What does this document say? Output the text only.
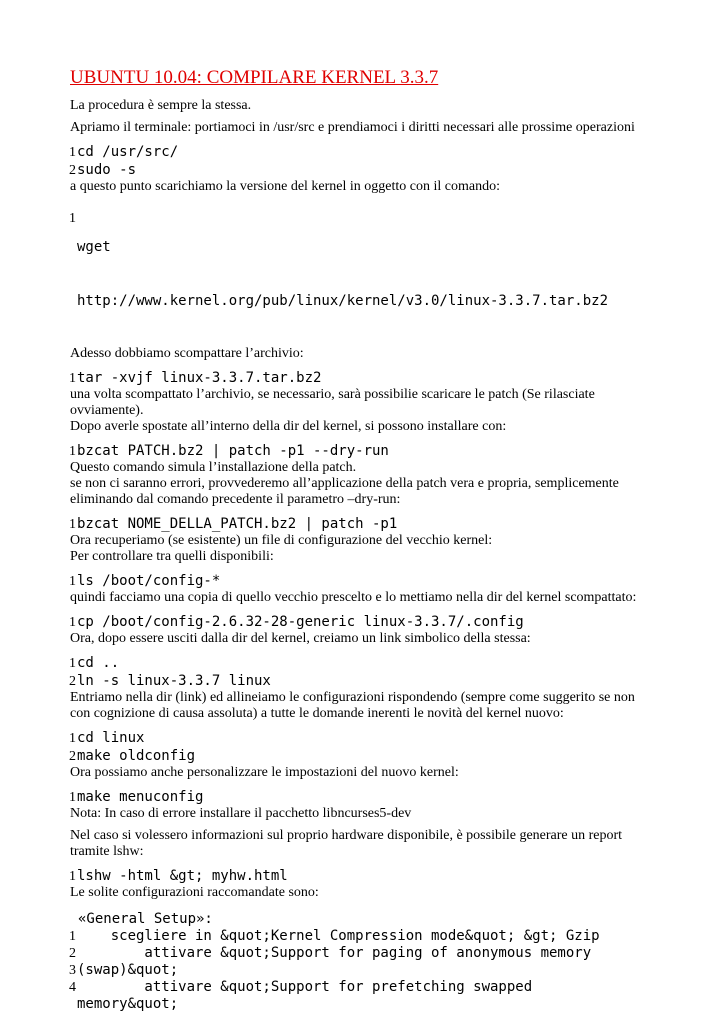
UBUNTU 10.04: COMPILARE KERNEL 3.3.7

La procedura è sempre la stessa.

Apriamo il terminale: portiamoci in /usr/src e prendiamoci i diritti necessari alle prossime operazioni

1 cd /usr/src/
2 sudo -s

a questo punto scarichiamo la versione del kernel in oggetto con il comando:

1

wget

http://www.kernel.org/pub/linux/kernel/v3.0/linux-3.3.7.tar.bz2

Adesso dobbiamo scompattare l’archivio:

1 tar -xvjf linux-3.3.7.tar.bz2

una volta scompattato l’archivio, se necessario, sarà possibilie scaricare le patch (Se rilasciate ovviamente).

Dopo averle spostate all’interno della dir del kernel, si possono installare con:

1 bzcat PATCH.bz2 | patch -p1 --dry-run

Questo comando simula l’installazione della patch.

se non ci saranno errori, provvederemo all’applicazione della patch vera e propria, semplicemente eliminando dal comando precedente il parametro –dry-run:

1 bzcat NOME_DELLA_PATCH.bz2 | patch -p1

Ora recuperiamo (se esistente) un file di configurazione del vecchio kernel:

Per controllare tra quelli disponibili:

1 ls /boot/config-*

quindi facciamo una copia di quello vecchio prescelto e lo mettiamo nella dir del kernel scompattato:

1 cp /boot/config-2.6.32-28-generic linux-3.3.7/.config

Ora, dopo essere usciti dalla dir del kernel, creiamo un link simbolico della stessa:

1 cd ..
2 ln -s linux-3.3.7 linux

Entriamo nella dir (link) ed allineiamo le configurazioni rispondendo (sempre come suggerito se non con cognizione di causa assoluta) a tutte le domande inerenti le novità del kernel nuovo:

1 cd linux
2 make oldconfig

Ora possiamo anche personalizzare le impostazioni del nuovo kernel:

1 make menuconfig

Nota: In caso di errore installare il pacchetto libncurses5-dev

Nel caso si volessero informazioni sul proprio hardware disponibile, è possibile generare un report tramite lshw:

1 lshw -html &gt; myhw.html

Le solite configurazioni raccomandate sono:

«General Setup»:
1 scegliere in &quot;Kernel Compression mode&quot; &gt; Gzip
2 attivare &quot;Support for paging of anonymous memory
3 (swap)&quot;
4 attivare &quot;Support for prefetching swapped
memory&quot;
